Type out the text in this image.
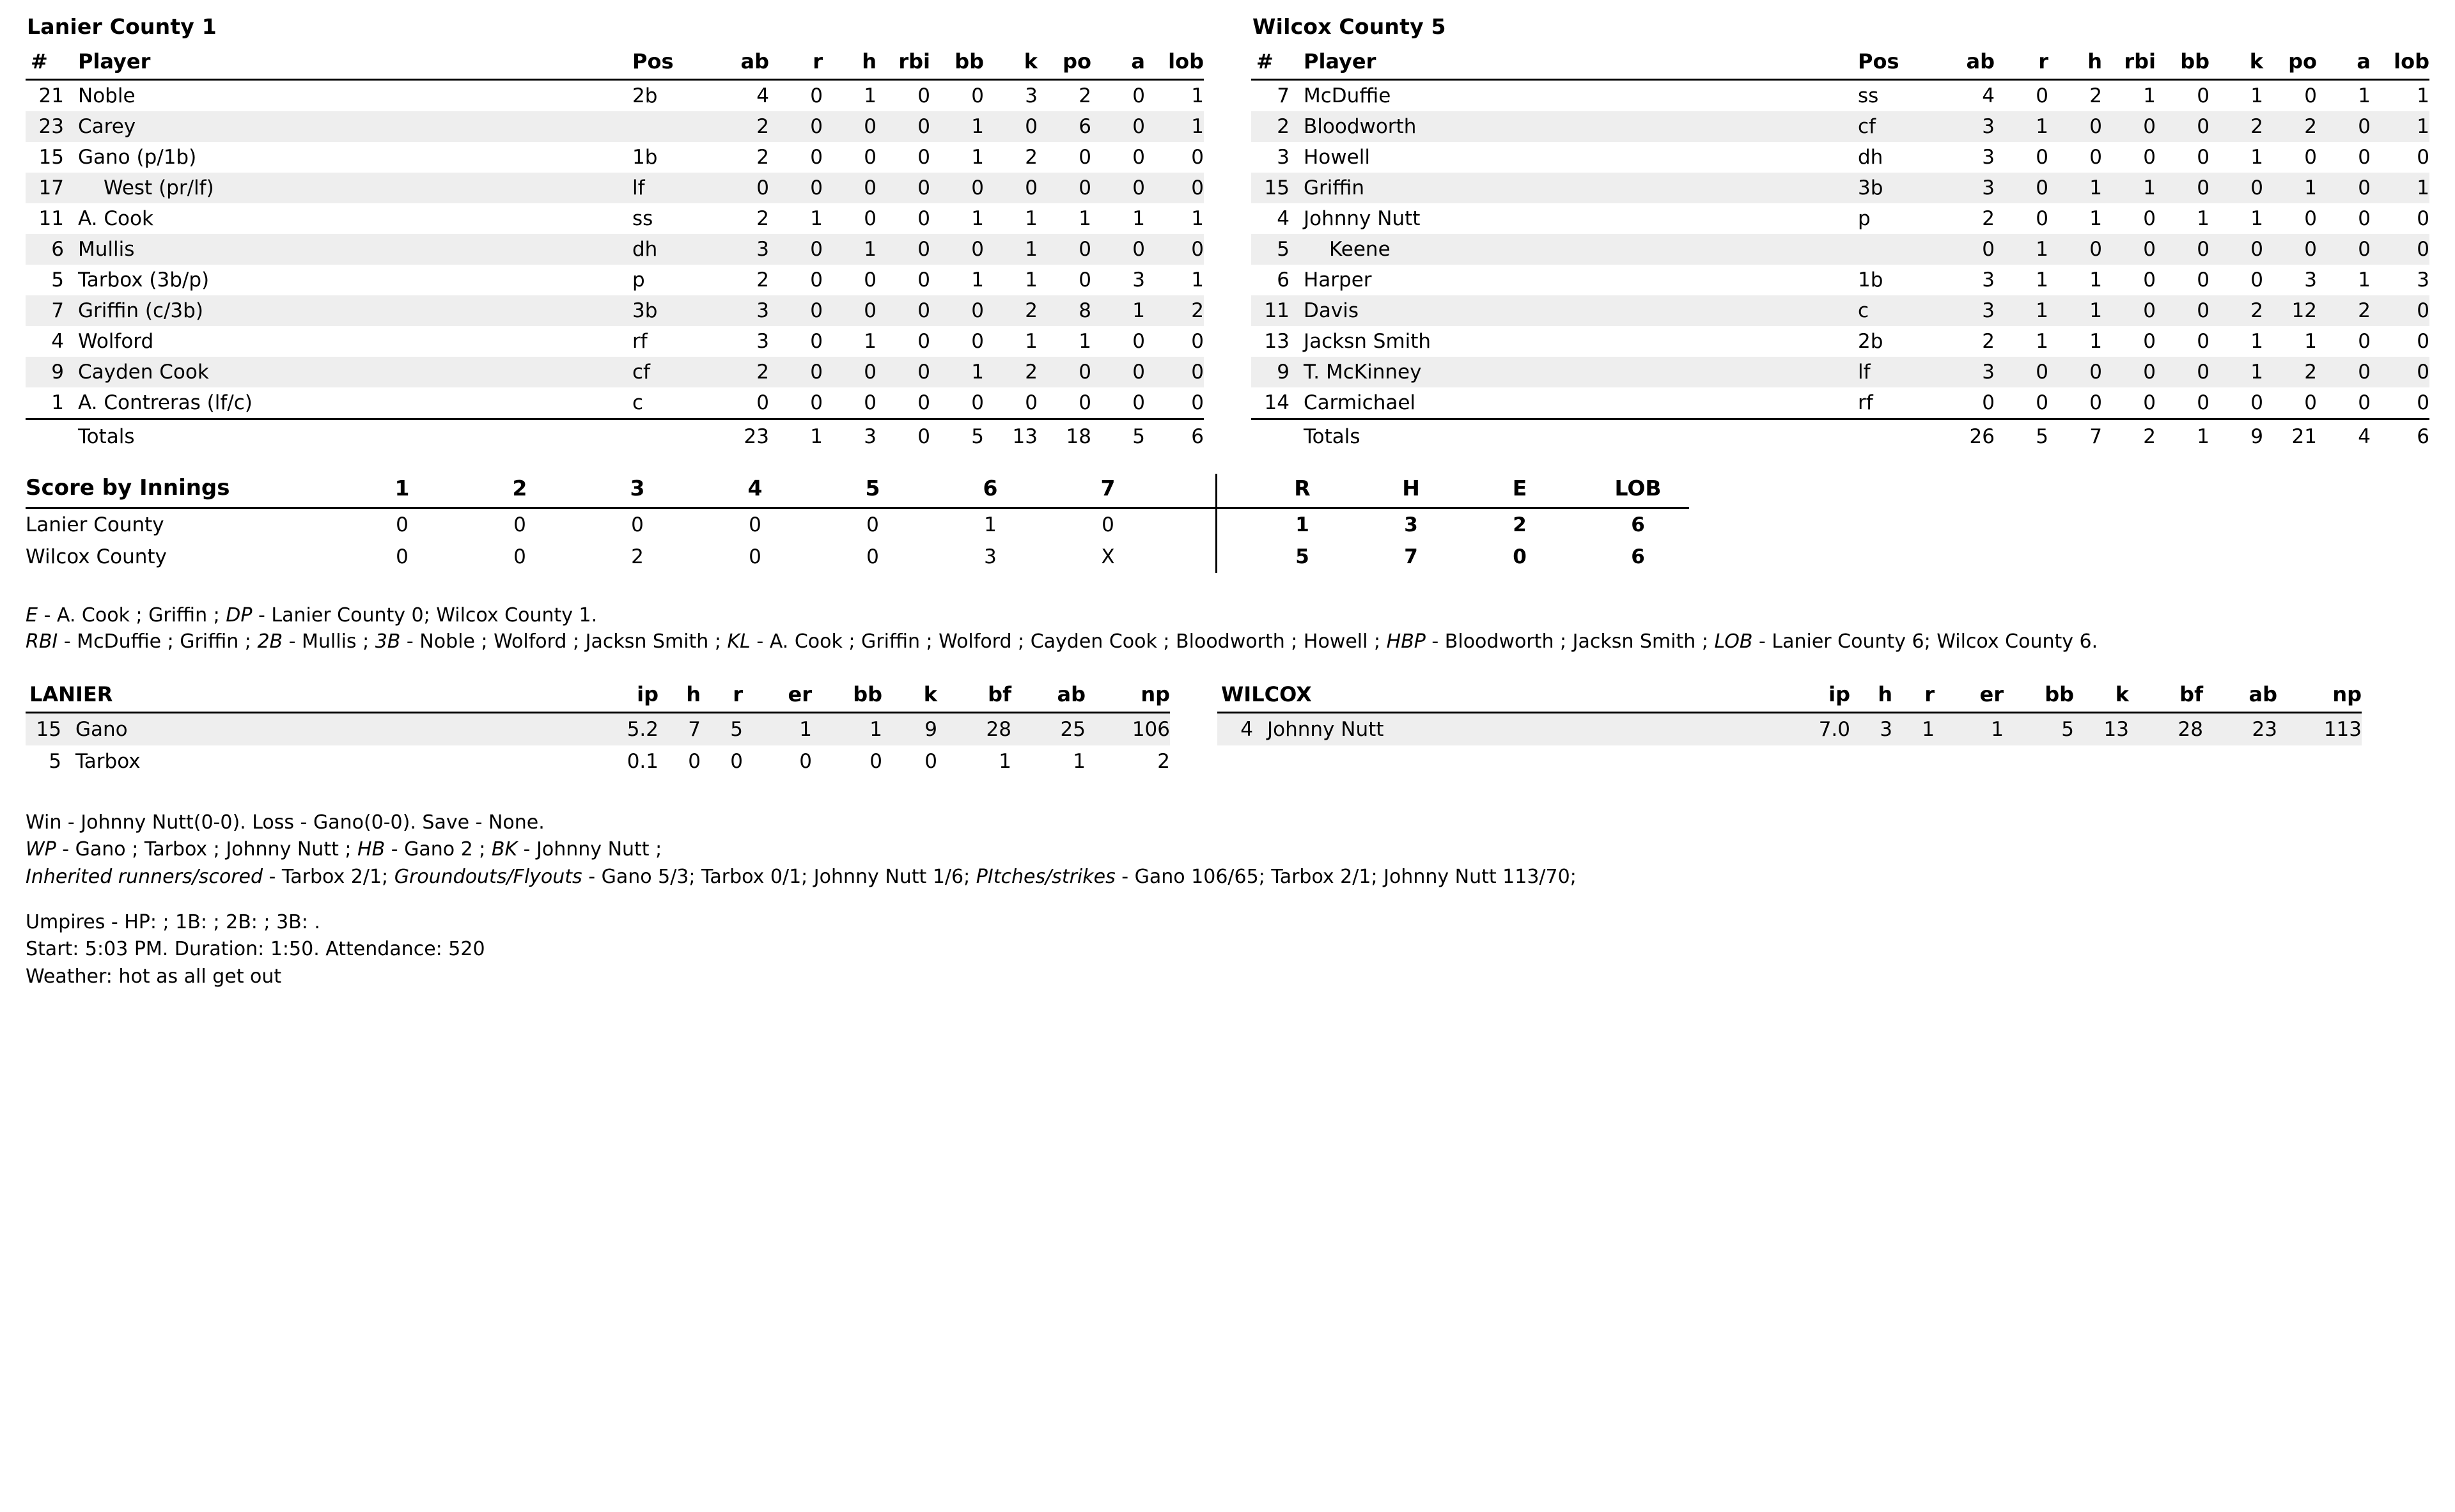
Lanier County 1
#	Player	Pos	ab	r	h	rbi	bb	k	po	a	lob
21	Noble	2b	4	0	1	0	0	3	2	0	1
23	Carey		2	0	0	0	1	0	6	0	1
15	Gano (p/1b)	1b	2	0	0	0	1	2	0	0	0
17	West (pr/lf)	lf	0	0	0	0	0	0	0	0	0
11	A. Cook	ss	2	1	0	0	1	1	1	1	1
6	Mullis	dh	3	0	1	0	0	1	0	0	0
5	Tarbox (3b/p)	p	2	0	0	0	1	1	0	3	1
7	Griffin (c/3b)	3b	3	0	0	0	0	2	8	1	2
4	Wolford	rf	3	0	1	0	0	1	1	0	0
9	Cayden Cook	cf	2	0	0	0	1	2	0	0	0
1	A. Contreras (lf/c)	c	0	0	0	0	0	0	0	0	0
	Totals		23	1	3	0	5	13	18	5	6
Wilcox County 5
#	Player	Pos	ab	r	h	rbi	bb	k	po	a	lob
7	McDuffie	ss	4	0	2	1	0	1	0	1	1
2	Bloodworth	cf	3	1	0	0	0	2	2	0	1
3	Howell	dh	3	0	0	0	0	1	0	0	0
15	Griffin	3b	3	0	1	1	0	0	1	0	1
4	Johnny Nutt	p	2	0	1	0	1	1	0	0	0
5	Keene		0	1	0	0	0	0	0	0	0
6	Harper	1b	3	1	1	0	0	0	3	1	3
11	Davis	c	3	1	1	0	0	2	12	2	0
13	Jacksn Smith	2b	2	1	1	0	0	1	1	0	0
9	T. McKinney	lf	3	0	0	0	0	1	2	0	0
14	Carmichael	rf	0	0	0	0	0	0	0	0	0
	Totals		26	5	7	2	1	9	21	4	6
Score by Innings	1		2		3		4		5		6		7			R		H		E		LOB
Lanier County	0		0		0		0		0		1		0			1		3		2		6
Wilcox County	0		0		2		0		0		3		X			5		7		0		6
E - A. Cook ; Griffin ; DP - Lanier County 0; Wilcox County 1.
RBI - McDuffie ; Griffin ; 2B - Mullis ; 3B - Noble ; Wolford ; Jacksn Smith ; KL - A. Cook ; Griffin ; Wolford ; Cayden Cook ; Bloodworth ; Howell ; HBP - Bloodworth ; Jacksn Smith ; LOB - Lanier County 6; Wilcox County 6.
LANIER		ip	h	r	er	bb	k	bf	ab	np
15	Gano	5.2	7	5	1	1	9	28	25	106
5	Tarbox	0.1	0	0	0	0	0	1	1	2
WILCOX		ip	h	r	er	bb	k	bf	ab	np
4	Johnny Nutt	7.0	3	1	1	5	13	28	23	113
Win - Johnny Nutt(0-0). Loss - Gano(0-0). Save - None.
WP - Gano ; Tarbox ; Johnny Nutt ; HB - Gano 2 ; BK - Johnny Nutt ;
Inherited runners/scored - Tarbox 2/1; Groundouts/Flyouts - Gano 5/3; Tarbox 0/1; Johnny Nutt 1/6; PItches/strikes - Gano 106/65; Tarbox 2/1; Johnny Nutt 113/70;
Umpires - HP: ; 1B: ; 2B: ; 3B: .
Start: 5:03 PM. Duration: 1:50. Attendance: 520
Weather: hot as all get out
